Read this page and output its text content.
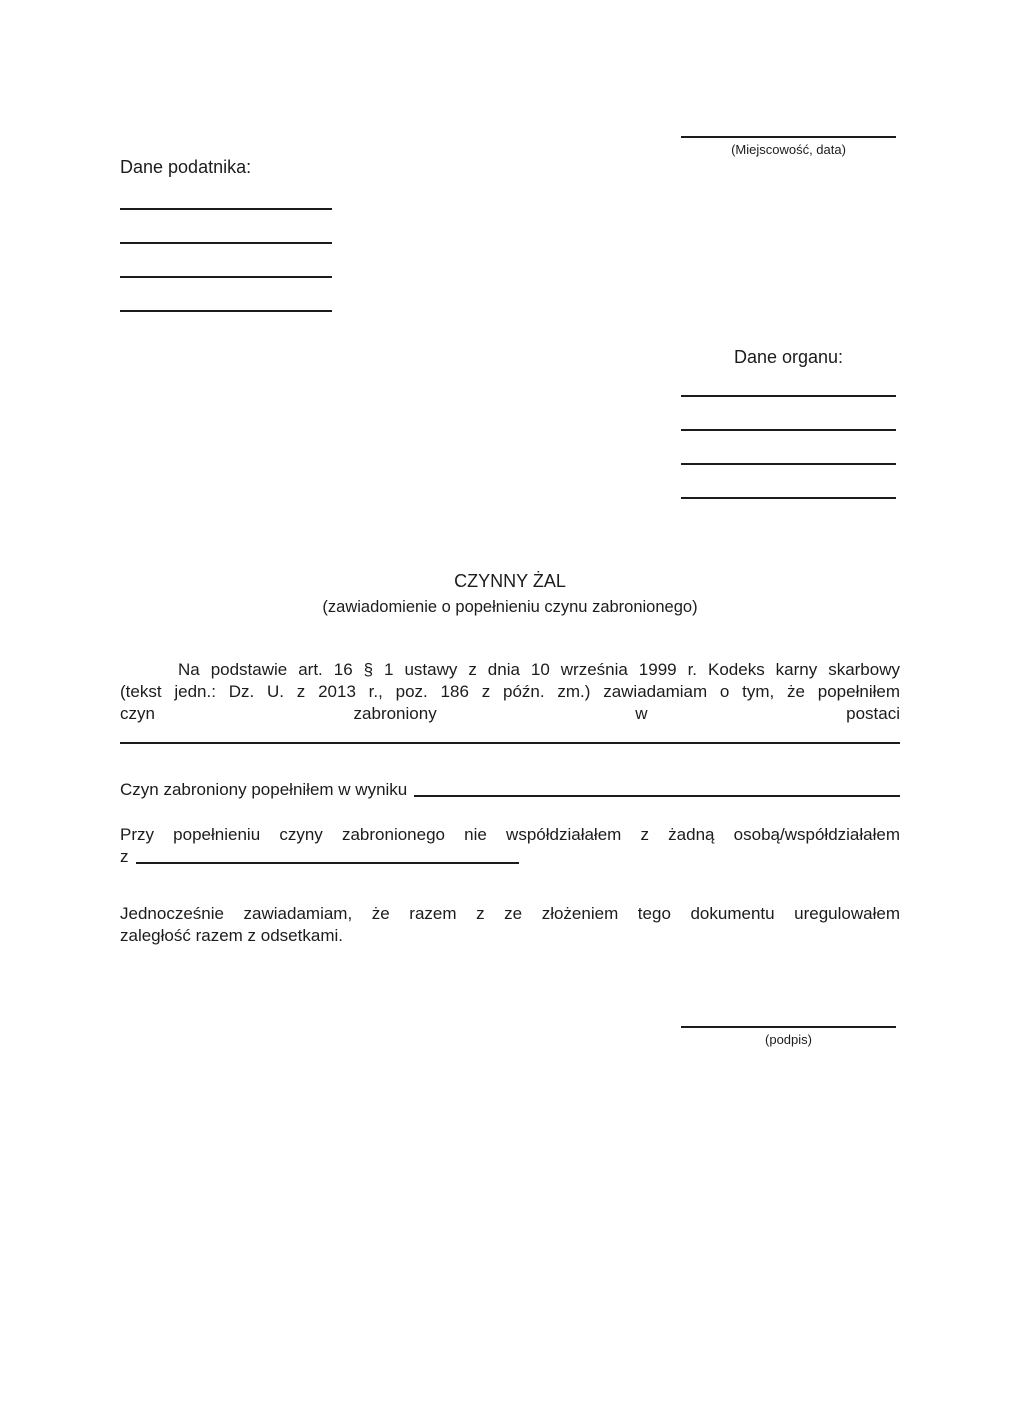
(Miejscowość, data)
Dane podatnika:
Dane organu:
CZYNNY ŻAL
(zawiadomienie o popełnieniu czynu zabronionego)
Na podstawie art. 16 § 1 ustawy z dnia 10 września 1999 r. Kodeks karny skarbowy
(tekst jedn.: Dz. U. z 2013 r., poz. 186 z późn. zm.) zawiadamiam o tym, że popełniłem
czyn zabroniony w postaci
Czyn zabroniony popełniłem w wyniku
Przy popełnieniu czyny zabronionego nie współdziałałem z żadną osobą/współdziałałem
z
Jednocześnie zawiadamiam, że razem z ze złożeniem tego dokumentu uregulowałem
zaległość razem z odsetkami.
(podpis)
